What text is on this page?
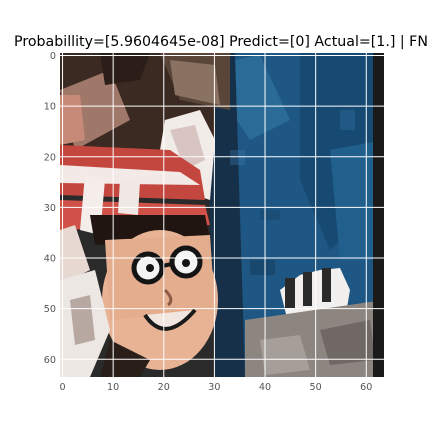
Probabillity=[5.9604645e-08] Predict=[0] Actual=[1.] | FN
0	10	20	30	40	50	60
0
10
20
30
40
50
60
